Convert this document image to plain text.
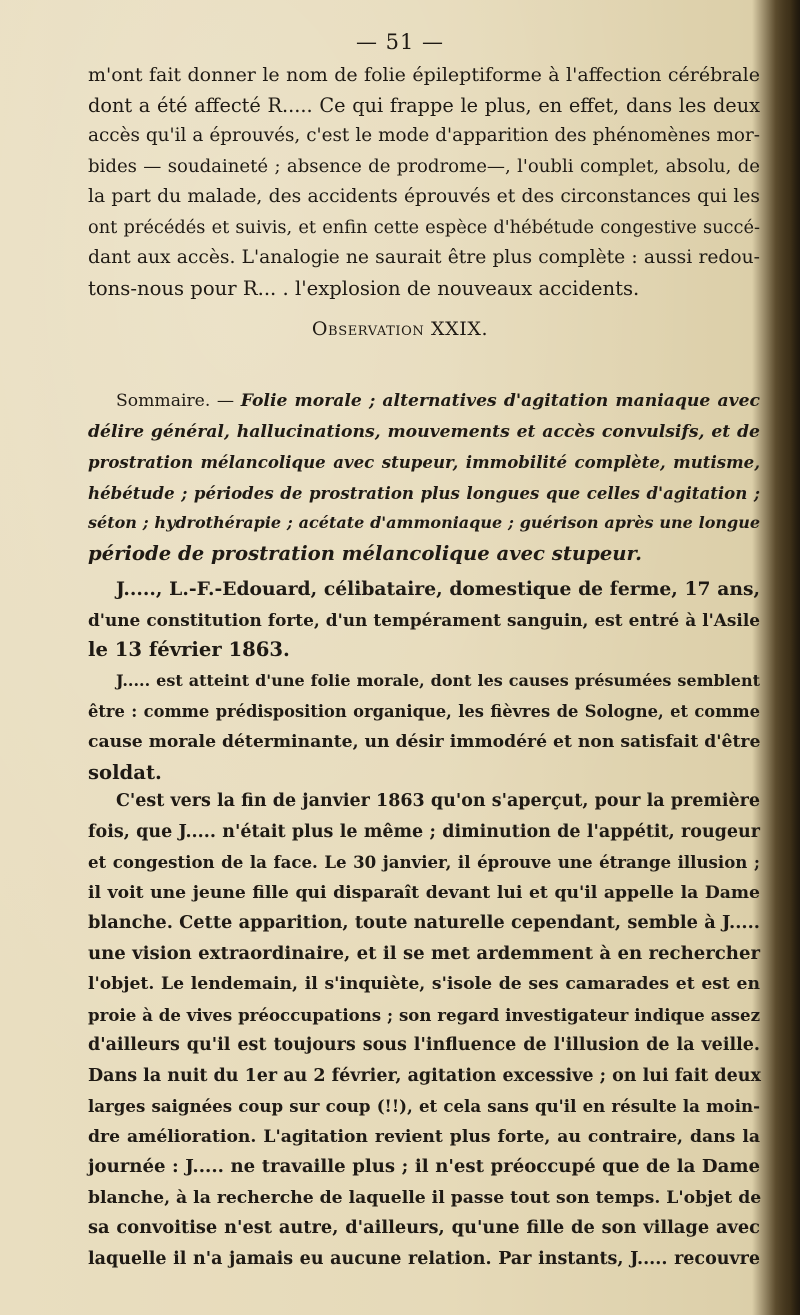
— 51 —
m'ont fait donner le nom de folie épileptiforme à l'affection cérébrale
dont a été affecté R..... Ce qui frappe le plus, en effet, dans les deux
accès qu'il a éprouvés, c'est le mode d'apparition des phénomènes mor-
bides — soudaineté ; absence de prodrome—, l'oubli complet, absolu, de
la part du malade, des accidents éprouvés et des circonstances qui les
ont précédés et suivis, et enfin cette espèce d'hébétude congestive succé-
dant aux accès. L'analogie ne saurait être plus complète : aussi redou-
tons-nous pour R... . l'explosion de nouveaux accidents.
Observation XXIX.
Sommaire. — Folie morale ; alternatives d'agitation maniaque avec
délire général, hallucinations, mouvements et accès convulsifs, et de
prostration mélancolique avec stupeur, immobilité complète, mutisme,
hébétude ; périodes de prostration plus longues que celles d'agitation ;
séton ; hydrothérapie ; acétate d'ammoniaque ; guérison après une longue
période de prostration mélancolique avec stupeur.
J....., L.-F.-Edouard, célibataire, domestique de ferme, 17 ans,
d'une constitution forte, d'un tempérament sanguin, est entré à l'Asile
le 13 février 1863.
J..... est atteint d'une folie morale, dont les causes présumées semblent
être : comme prédisposition organique, les fièvres de Sologne, et comme
cause morale déterminante, un désir immodéré et non satisfait d'être
soldat.
C'est vers la fin de janvier 1863 qu'on s'aperçut, pour la première
fois, que J..... n'était plus le même ; diminution de l'appétit, rougeur
et congestion de la face. Le 30 janvier, il éprouve une étrange illusion ;
il voit une jeune fille qui disparaît devant lui et qu'il appelle la Dame
blanche. Cette apparition, toute naturelle cependant, semble à J.....
une vision extraordinaire, et il se met ardemment à en rechercher
l'objet. Le lendemain, il s'inquiète, s'isole de ses camarades et est en
proie à de vives préoccupations ; son regard investigateur indique assez
d'ailleurs qu'il est toujours sous l'influence de l'illusion de la veille.
Dans la nuit du 1er au 2 février, agitation excessive ; on lui fait deux
larges saignées coup sur coup (!!), et cela sans qu'il en résulte la moin-
dre amélioration. L'agitation revient plus forte, au contraire, dans la
journée : J..... ne travaille plus ; il n'est préoccupé que de la Dame
blanche, à la recherche de laquelle il passe tout son temps. L'objet de
sa convoitise n'est autre, d'ailleurs, qu'une fille de son village avec
laquelle il n'a jamais eu aucune relation. Par instants, J..... recouvre
